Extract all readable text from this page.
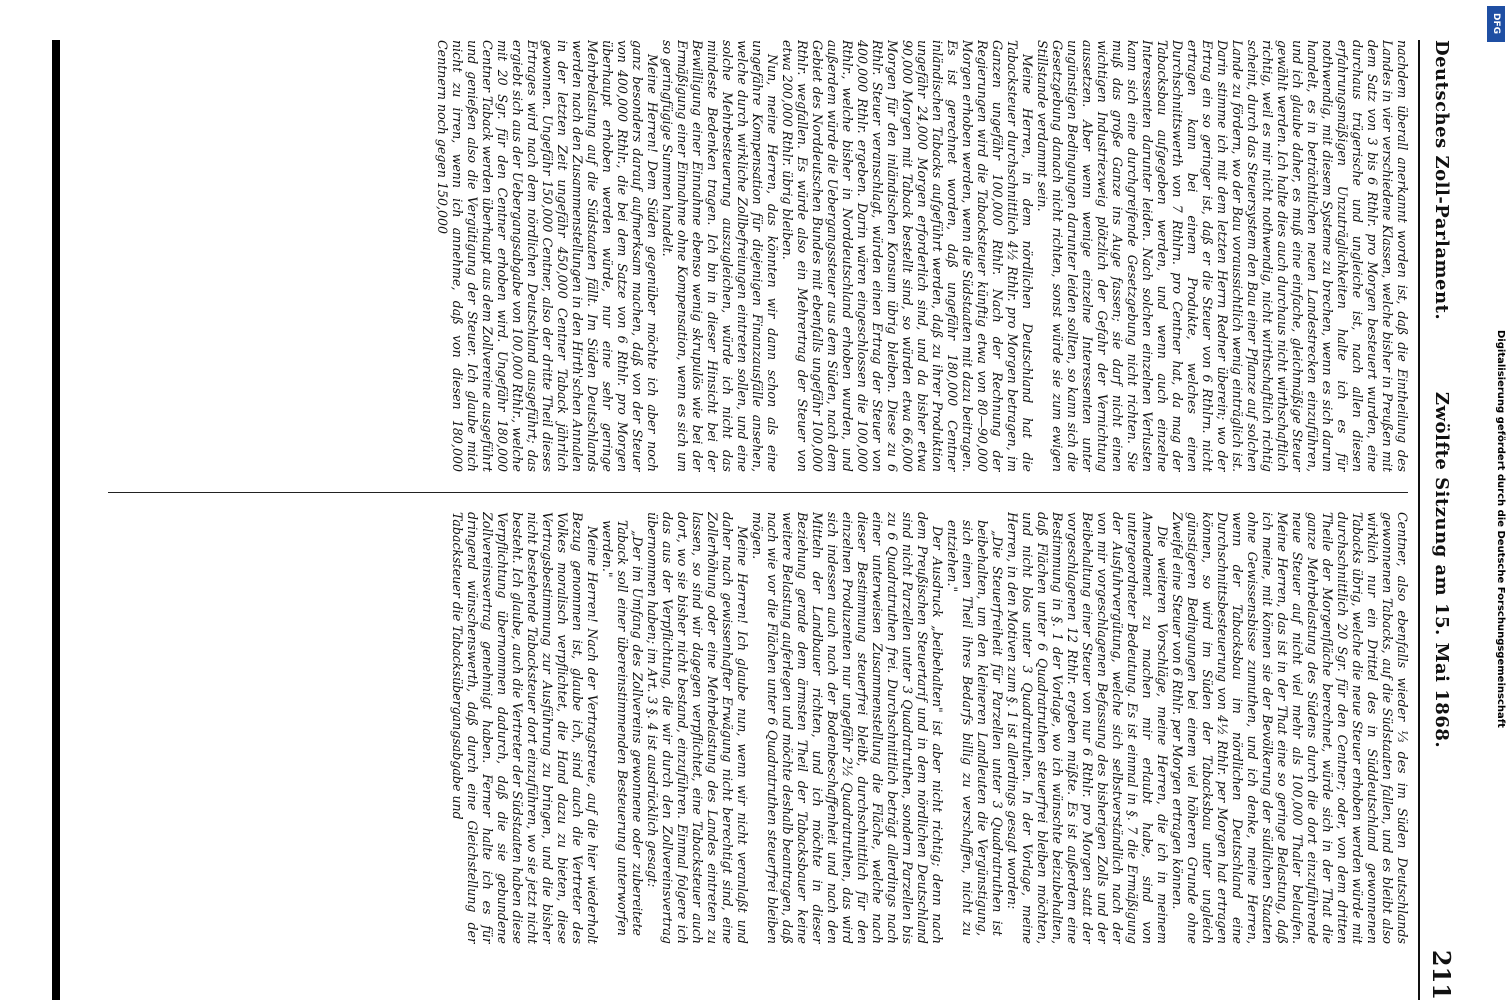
Deutsches Zoll-Parlament.
Zwölfte Sitzung am 15. Mai 1868.
211

nachdem überall anerkannt worden ist, daß die Eintheilung des Landes in vier verschiedene Klassen, welche bisher in Preußen mit dem Satz von 3 bis 6 Rthlr. pro Morgen besteuert wurden, eine durchaus trügerische und ungleiche ist, nach allen diesen erfahrungsmäßigen Unzuträglichkeiten halte ich es für nothwendig, mit diesem Systeme zu brechen, wenn es sich darum handelt, es in beträchtlichen neuen Landestrecken einzuführen, und ich glaube daher, es muß eine einfache, gleichmäßige Steuer gewählt werden. Ich halte dies auch durchaus nicht wirthschaftlich richtig, weil es mir nicht nothwendig, nicht wirthschaftlich richtig scheint, durch das Steuersystem den Bau einer Pflanze auf solchen Lande zu fördern, wo der Bau voraussichtlich wenig einträglich ist. Darin stimme ich mit dem letzten Herrn Redner überein; wo der Ertrag ein so geringer ist, daß er die Steuer von 6 Rthlrn. nicht ertragen kann bei einem Produkte, welches einen Durchschnittswerth von 7 Rthlrn. pro Centner hat, da mag der Tabacksbau aufgegeben werden, und wenn auch einzelne Interessenten darunter leiden. Nach solchen einzelnen Verlusten kann sich eine durchgreifende Gesetzgebung nicht richten. Sie muß das große Ganze ins Auge fassen; sie darf nicht einen wichtigen Industriezweig plötzlich der Gefahr der Vernichtung aussetzen. Aber wenn wenige einzelne Interessenten unter ungünstigen Bedingungen darunter leiden sollten, so kann sich die Gesetzgebung danach nicht richten, sonst würde sie zum ewigen Stillstande verdammt sein.

Meine Herren, in dem nördlichen Deutschland hat die Tabacksteuer durchschnittlich 4½ Rthlr. pro Morgen betragen, im Ganzen ungefähr 100,000 Rthlr. Nach der Rechnung der Regierungen wird die Tabacksteuer künftig etwa von 80—90,000 Morgen erhoben werden, wenn die Südstaaten mit dazu beitragen. Es ist gerechnet worden, daß ungefähr 180,000 Centner inländischen Tabacks aufgeführt werden, daß zu ihrer Produktion ungefähr 24,000 Morgen erforderlich sind, und da bisher etwa 90,000 Morgen mit Taback bestellt sind, so würden etwa 66,000 Morgen für den inländischen Konsum übrig bleiben. Diese zu 6 Rthlr. Steuer veranschlagt, würden einen Ertrag der Steuer von 400,000 Rthlr. ergeben. Darin wären eingeschlossen die 100,000 Rthlr., welche bisher in Norddeutschland erhoben wurden, und außerdem würde die Uebergangssteuer aus dem Süden, nach dem Gebiet des Norddeutschen Bundes mit ebenfalls ungefähr 100,000 Rthlr. wegfallen. Es würde also ein Mehrertrag der Steuer von etwa 200,000 Rthlr. übrig bleiben.

Nun, meine Herren, das könnten wir dann schon als eine ungefähre Kompensation für diejenigen Finanzausfälle ansehen, welche durch wirkliche Zollbefreiungen eintreten sollen, und eine solche Mehrbesteuerung auszugleichen, würde ich nicht das mindeste Bedenken tragen. Ich bin in dieser Hinsicht bei der Bewilligung einer Einnahme ebenso wenig skrupulös wie bei der Ermäßigung einer Einnahme ohne Kompensation, wenn es sich um so geringfügige Summen handelt.

Meine Herren! Dem Süden gegenüber möchte ich aber noch ganz besonders darauf aufmerksam machen, daß von der Steuer von 400,000 Rthlr., die bei dem Satze von 6 Rthlr. pro Morgen überhaupt erhoben werden würde, nur eine sehr geringe Mehrbelastung auf die Südstaaten fällt. Im Süden Deutschlands werden nach den Zusammenstellungen in den Hirth'schen Annalen in der letzten Zeit ungefähr 450,000 Centner Taback jährlich gewonnen. Ungefähr 150,000 Centner, also der dritte Theil dieses Ertrages wird nach dem nördlichen Deutschland ausgeführt; das ergiebt sich aus der Uebergangsabgabe von 100,000 Rthlr., welche mit 20 Sgr. für den Centner erhoben wird. Ungefähr 180,000 Centner Taback werden überhaupt aus dem Zollvereine ausgeführt und genießen also die Vergütigung der Steuer. Ich glaube mich nicht zu irren, wenn ich annehme, daß von diesen 180,000 Centnern noch gegen 150,000

Centner, also ebenfalls wieder ⅓ des im Süden Deutschlands gewonnenen Tabacks, auf die Südstaaten fallen, und es bleibt also wirklich nur ein Drittel des in Süddeutschland gewonnenen Tabacks übrig, welche die neue Steuer erhoben werden würde mit durchschnittlich 20 Sgr. für den Centner; oder, von dem dritten Theile der Morgenfläche berechnet, würde sich in der That die ganze Mehrbelastung des Südens durch die dort einzuführende neue Steuer auf nicht viel mehr als 100,000 Thaler belaufen. Meine Herren, das ist in der That eine so geringe Belastung, daß ich meine, mit können sie der Bevölkerung der südlichen Staaten ohne Gewissensbisse zumuthen, und ich denke, meine Herren, wenn der Tabacksbau im nördlichen Deutschland eine Durchschnittsbesteuerung von 4½ Rthlr. per Morgen hat ertragen können, so wird im Süden der Tabacksbau unter ungleich günstigeren Bedingungen bei einem viel höheren Grunde ohne Zweifel eine Steuer von 6 Rthlr. per Morgen ertragen können.

Die weiteren Vorschläge, meine Herren, die ich in meinem Amendement zu machen mir erlaubt habe, sind von untergeordneter Bedeutung. Es ist einmal in §. 7 die Ermäßigung der Ausfuhrvergütung, welche sich selbstverständlich nach der von mir vorgeschlagenen Befassung des bisherigen Zolls und der Beibehaltung einer Steuer von nur 6 Rthlr. pro Morgen statt der vorgeschlagenen 12 Rthlr. ergeben müßte. Es ist außerdem eine Bestimmung in §. 1 der Vorlage, wo ich wünschte beizubehalten, daß Flächen unter 6 Quadratruthen steuerfrei bleiben möchten, und nicht blos unter 3 Quadratruthen. In der Vorlage, meine Herren, in den Motiven zum §. 1 ist allerdings gesagt worden:

„Die Steuerfreiheit für Parzellen unter 3 Quadratruthen ist beibehalten, um den kleineren Landleuten die Vergünstigung, sich einen Theil ihres Bedarfs billig zu verschaffen, nicht zu entziehen."

Der Ausdruck „beibehalten" ist aber nicht richtig; denn nach dem Preußischen Steuertarif und in dem nördlichen Deutschland sind nicht Parzellen unter 3 Quadratruthen, sondern Parzellen bis zu 6 Quadratruthen frei. Durchschnittlich beträgt allerdings nach einer unterweisen Zusammenstellung die Fläche, welche nach dieser Bestimmung steuerfrei bleibt, durchschnittlich für den einzelnen Produzenten nur ungefähr 2½ Quadratruthen, das wird sich indessen auch nach der Bodenbeschaffenheit und nach den Mitteln der Landbauer richten, und ich möchte in dieser Beziehung gerade dem ärmsten Theil der Tabacksbauer keine weitere Belastung auferlegen und möchte deshalb beantragen, daß nach wie vor die Flächen unter 6 Quadratruthen steuerfrei bleiben mögen.

Meine Herren! Ich glaube nun, wenn wir nicht veranlaßt und daher nach gewissenhafter Erwägung nicht berechtigt sind, eine Zollerhöhung oder eine Mehrbelastung des Landes eintreten zu lassen, so sind wir dagegen verpflichtet, eine Tabacksteuer auch dort, wo sie bisher nicht bestand, einzuführen. Einmal folgere ich das aus der Verpflichtung, die wir durch den Zollvereinsvertrag übernommen haben; im Art. 3 §. 4 ist ausdrücklich gesagt:

„Der im Umfang des Zollvereins gewonnene oder zubereitete Taback soll einer übereinstimmenden Besteuerung unterworfen werden."

Meine Herren! Nach der Vertragstreue, auf die hier wiederholt Bezug genommen ist, glaube ich, sind auch die Vertreter des Volkes moralisch verpflichtet, die Hand dazu zu bieten, diese Vertragsbestimmung zur Ausführung zu bringen, und die bisher nicht bestehende Tabacksteuer dort einzuführen, wo sie jetzt nicht besteht. Ich glaube, auch die Vertreter der Südstaaten haben diese Verpflichtung übernommen dadurch, daß die sie gebundene Zollvereinsvertrag genehmigt haben. Ferner halte ich es für dringend wünschenswerth, daß durch eine Gleichstellung der Tabacksteuer die Tabacksübergangsabgabe und

DFG
Digitalisierung gefördert durch die Deutsche Forschungsgemeinschaft
